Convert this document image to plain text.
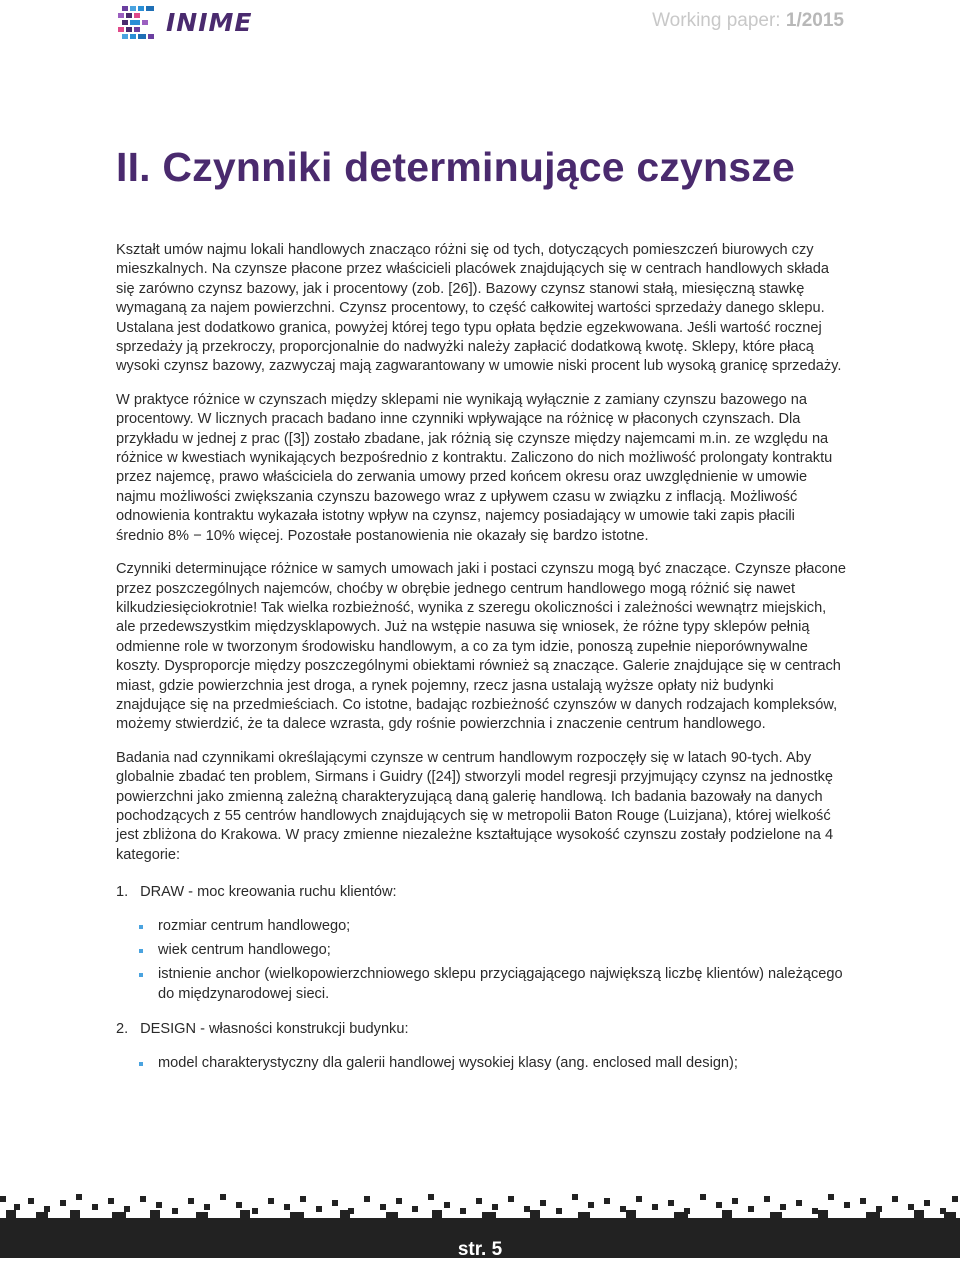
INIME	Working paper: 1/2015
II. Czynniki determinujące czynsze

Kształt umów najmu lokali handlowych znacząco różni się od tych, dotyczących pomieszczeń biurowych czy mieszkalnych. Na czynsze płacone przez właścicieli placówek znajdujących się w centrach handlowych składa się zarówno czynsz bazowy, jak i procentowy (zob. [26]). Bazowy czynsz stanowi stałą, miesięczną stawkę wymaganą za najem powierzchni. Czynsz procentowy, to część całkowitej wartości sprzedaży danego sklepu. Ustalana jest dodatkowo granica, powyżej której tego typu opłata będzie egzekwowana. Jeśli wartość rocznej sprzedaży ją przekroczy, proporcjonalnie do nadwyżki należy zapłacić dodatkową kwotę. Sklepy, które płacą wysoki czynsz bazowy, zazwyczaj mają zagwarantowany w umowie niski procent lub wysoką granicę sprzedaży.

W praktyce różnice w czynszach między sklepami nie wynikają wyłącznie z zamiany czynszu bazowego na procentowy. W licznych pracach badano inne czynniki wpływające na różnicę w płaconych czynszach. Dla przykładu w jednej z prac ([3]) zostało zbadane, jak różnią się czynsze między najemcami m.in. ze względu na różnice w kwestiach wynikających bezpośrednio z kontraktu. Zaliczono do nich możliwość prolongaty kontraktu przez najemcę, prawo właściciela do zerwania umowy przed końcem okresu oraz uwzględnienie w umowie najmu możliwości zwiększania czynszu bazowego wraz z upływem czasu w związku z inflacją. Możliwość odnowienia kontraktu wykazała istotny wpływ na czynsz, najemcy posiadający w umowie taki zapis płacili średnio 8% − 10% więcej. Pozostałe postanowienia nie okazały się bardzo istotne.

Czynniki determinujące różnice w samych umowach jaki i postaci czynszu mogą być znaczące. Czynsze płacone przez poszczególnych najemców, choćby w obrębie jednego centrum handlowego mogą różnić się nawet kilkudziesięciokrotnie! Tak wielka rozbieżność, wynika z szeregu okoliczności i zależności wewnątrz miejskich, ale przedewszystkim międzysklapowych. Już na wstępie nasuwa się wniosek, że różne typy sklepów pełnią odmienne role w tworzonym środowisku handlowym, a co za tym idzie, ponoszą zupełnie nieporównywalne koszty. Dysproporcje między poszczególnymi obiektami również są znaczące. Galerie znajdujące się w centrach miast, gdzie powierzchnia jest droga, a rynek pojemny, rzecz jasna ustalają wyższe opłaty niż budynki znajdujące się na przedmieściach. Co istotne, badając rozbieżność czynszów w danych rodzajach kompleksów, możemy stwierdzić, że ta dalece wzrasta, gdy rośnie powierzchnia i znaczenie centrum handlowego.

Badania nad czynnikami określającymi czynsze w centrum handlowym rozpoczęły się w latach 90-tych. Aby globalnie zbadać ten problem, Sirmans i Guidry ([24]) stworzyli model regresji przyjmujący czynsz na jednostkę powierzchni jako zmienną zależną charakteryzującą daną galerię handlową. Ich badania bazowały na danych pochodzących z 55 centrów handlowych znajdujących się w metropolii Baton Rouge (Luizjana), której wielkość jest zbliżona do Krakowa. W pracy zmienne niezależne kształtujące wysokość czynszu zostały podzielone na 4 kategorie:

1. DRAW - moc kreowania ruchu klientów:
rozmiar centrum handlowego;
wiek centrum handlowego;
istnienie anchor (wielkopowierzchniowego sklepu przyciągającego największą liczbę klientów) należącego do międzynarodowej sieci.
2. DESIGN - własności konstrukcji budynku:
model charakterystyczny dla galerii handlowej wysokiej klasy (ang. enclosed mall design);
str. 5
